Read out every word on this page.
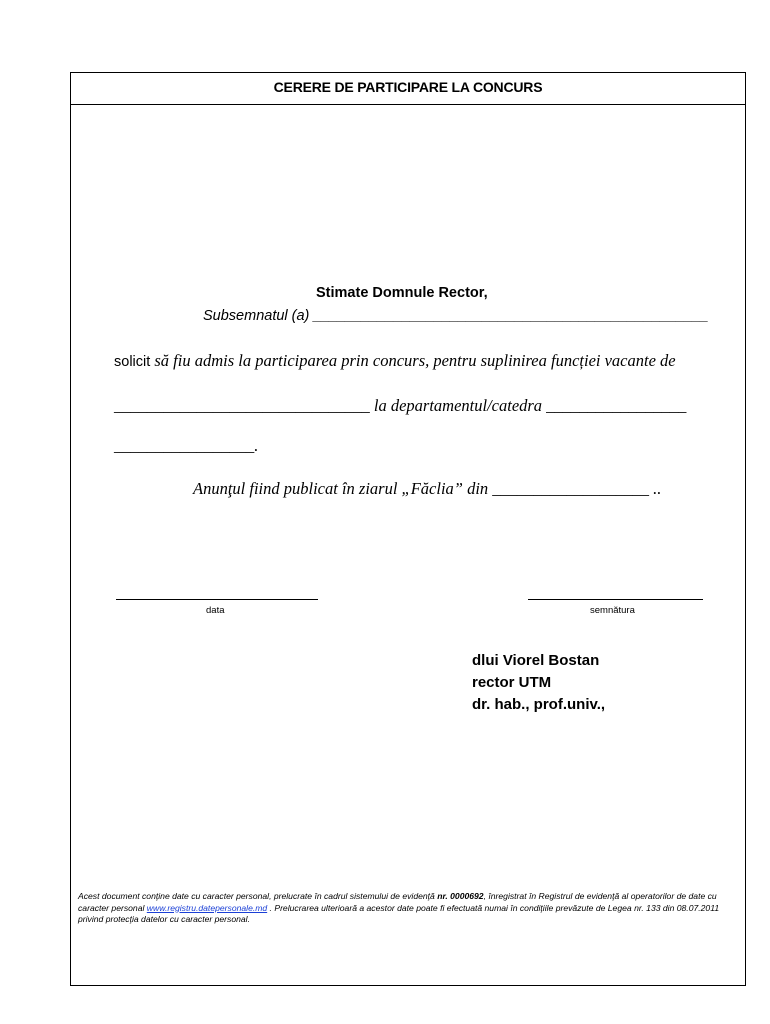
CERERE DE PARTICIPARE LA CONCURS
Stimate Domnule Rector,
Subsemnatul (a) _________________________________________________
solicit să fiu admis la participarea prin concurs, pentru suplinirea funcției vacante de
_______________________________ la departamentul/catedra _________________
_________________.
Anunţul fiind publicat în ziarul „Făclia” din ___________________ ..
data	semnătura
dlui Viorel Bostan
rector UTM
dr. hab., prof.univ.,
Acest document conţine date cu caracter personal, prelucrate în cadrul sistemului de evidenţă nr. 0000692, înregistrat în Registrul de evidenţă al operatorilor de date cu caracter personal www.registru.datepersonale.md . Prelucrarea ulterioară a acestor date poate fi efectuată numai în condiţiile prevăzute de Legea nr. 133 din 08.07.2011 privind protecţia datelor cu caracter personal.
